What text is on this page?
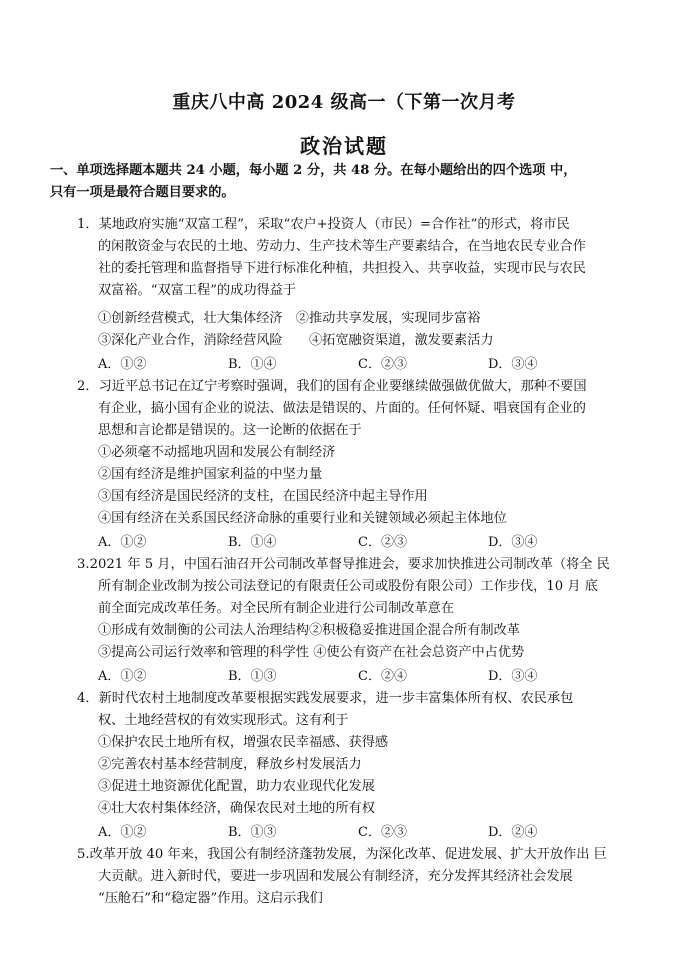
重庆八中高 2024 级高一（下第一次月考
政治试题
一、单项选择题本题共 24 小题，每小题 2 分，共 48 分。在每小题给出的四个选项 中，
只有一项是最符合题目要求的。
1．某地政府实施“双富工程”，采取“农户+投资人（市民）=合作社”的形式，将市民
的闲散资金与农民的土地、劳动力、生产技术等生产要素结合，在当地农民专业合作
社的委托管理和监督指导下进行标准化种植，共担投入、共享收益，实现市民与农民
双富裕。“双富工程”的成功得益于
①创新经营模式，壮大集体经济　②推动共享发展，实现同步富裕
③深化产业合作，消除经营风险　　④拓宽融资渠道，激发要素活力
A．①②	B．①④	C．②③	D．③④
2．习近平总书记在辽宁考察时强调，我们的国有企业要继续做强做优做大，那种不要国
有企业，搞小国有企业的说法、做法是错误的、片面的。任何怀疑、唱衰国有企业的
思想和言论都是错误的。这一论断的依据在于
①必须毫不动摇地巩固和发展公有制经济
②国有经济是维护国家利益的中坚力量
③国有经济是国民经济的支柱，在国民经济中起主导作用
④国有经济在关系国民经济命脉的重要行业和关键领域必须起主体地位
A．①②	B．①④	C．②③	D．③④
3.2021 年 5 月，中国石油召开公司制改革督导推进会，要求加快推进公司制改革（将全 民
所有制企业改制为按公司法登记的有限责任公司或股份有限公司）工作步伐，10 月 底
前全面完成改革任务。对全民所有制企业进行公司制改革意在
①形成有效制衡的公司法人治理结构②积极稳妥推进国企混合所有制改革
③提高公司运行效率和管理的科学性 ④使公有资产在社会总资产中占优势
A．①②	B．①③	C．②④	D．③④
4．新时代农村土地制度改革要根据实践发展要求，进一步丰富集体所有权、农民承包
权、土地经营权的有效实现形式。这有利于
①保护农民土地所有权，增强农民幸福感、获得感
②完善农村基本经营制度，释放乡村发展活力
③促进土地资源优化配置，助力农业现代化发展
④壮大农村集体经济，确保农民对土地的所有权
A．①②	B．①③	C．②③	D．②④
5.改革开放 40 年来，我国公有制经济蓬勃发展，为深化改革、促进发展、扩大开放作出 巨
大贡献。进入新时代，要进一步巩固和发展公有制经济，充分发挥其经济社会发展
“压舱石”和“稳定器”作用。这启示我们
